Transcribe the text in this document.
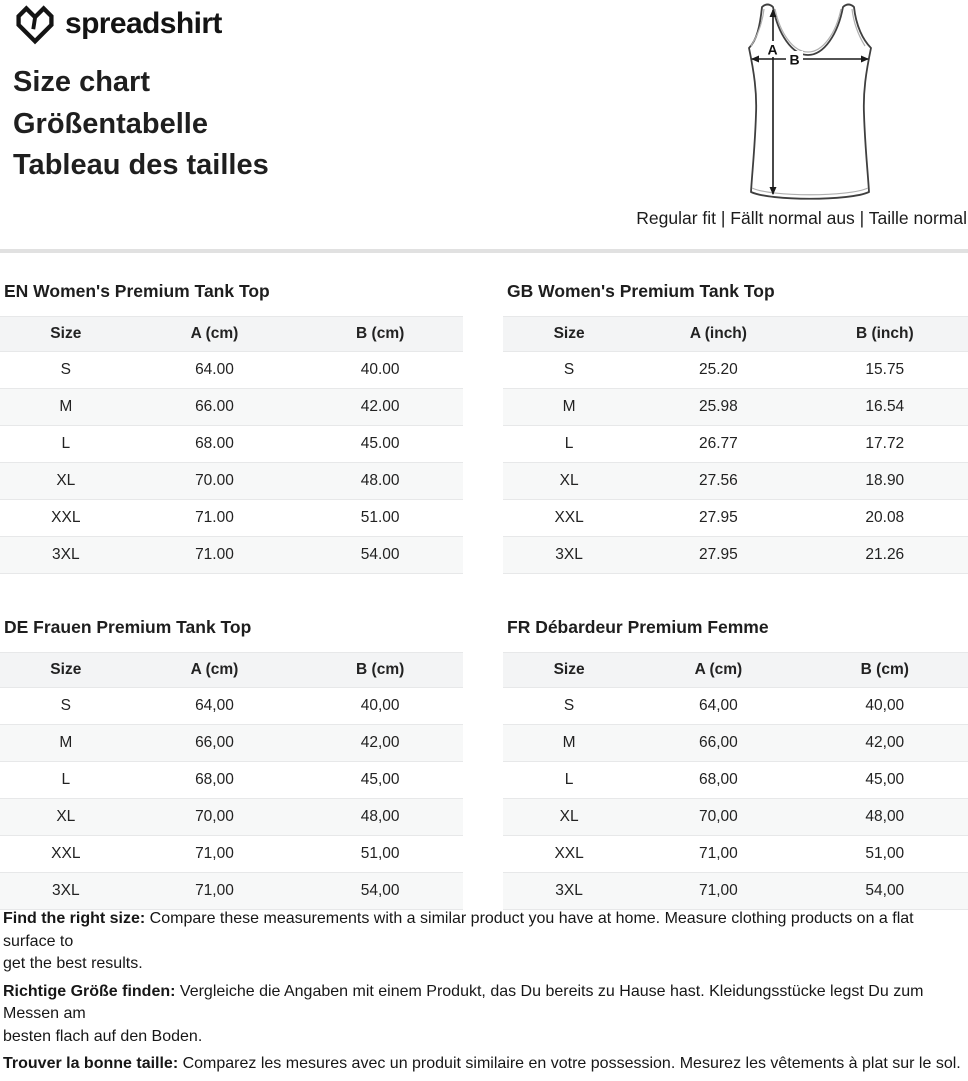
spreadshirt
Size chart
Größentabelle
Tableau des tailles
A
B
Regular fit | Fällt normal aus | Taille normal
EN Women's Premium Tank Top
Size	A (cm)	B (cm)
S	64.00	40.00
M	66.00	42.00
L	68.00	45.00
XL	70.00	48.00
XXL	71.00	51.00
3XL	71.00	54.00
GB Women's Premium Tank Top
Size	A (inch)	B (inch)
S	25.20	15.75
M	25.98	16.54
L	26.77	17.72
XL	27.56	18.90
XXL	27.95	20.08
3XL	27.95	21.26
DE Frauen Premium Tank Top
Size	A (cm)	B (cm)
S	64,00	40,00
M	66,00	42,00
L	68,00	45,00
XL	70,00	48,00
XXL	71,00	51,00
3XL	71,00	54,00
FR Débardeur Premium Femme
Size	A (cm)	B (cm)
S	64,00	40,00
M	66,00	42,00
L	68,00	45,00
XL	70,00	48,00
XXL	71,00	51,00
3XL	71,00	54,00

Find the right size: Compare these measurements with a similar product you have at home. Measure clothing products on a flat surface to
get the best results.

Richtige Größe finden: Vergleiche die Angaben mit einem Produkt, das Du bereits zu Hause hast. Kleidungsstücke legst Du zum Messen am
besten flach auf den Boden.

Trouver la bonne taille: Comparez les mesures avec un produit similaire en votre possession. Mesurez les vêtements à plat sur le sol.
